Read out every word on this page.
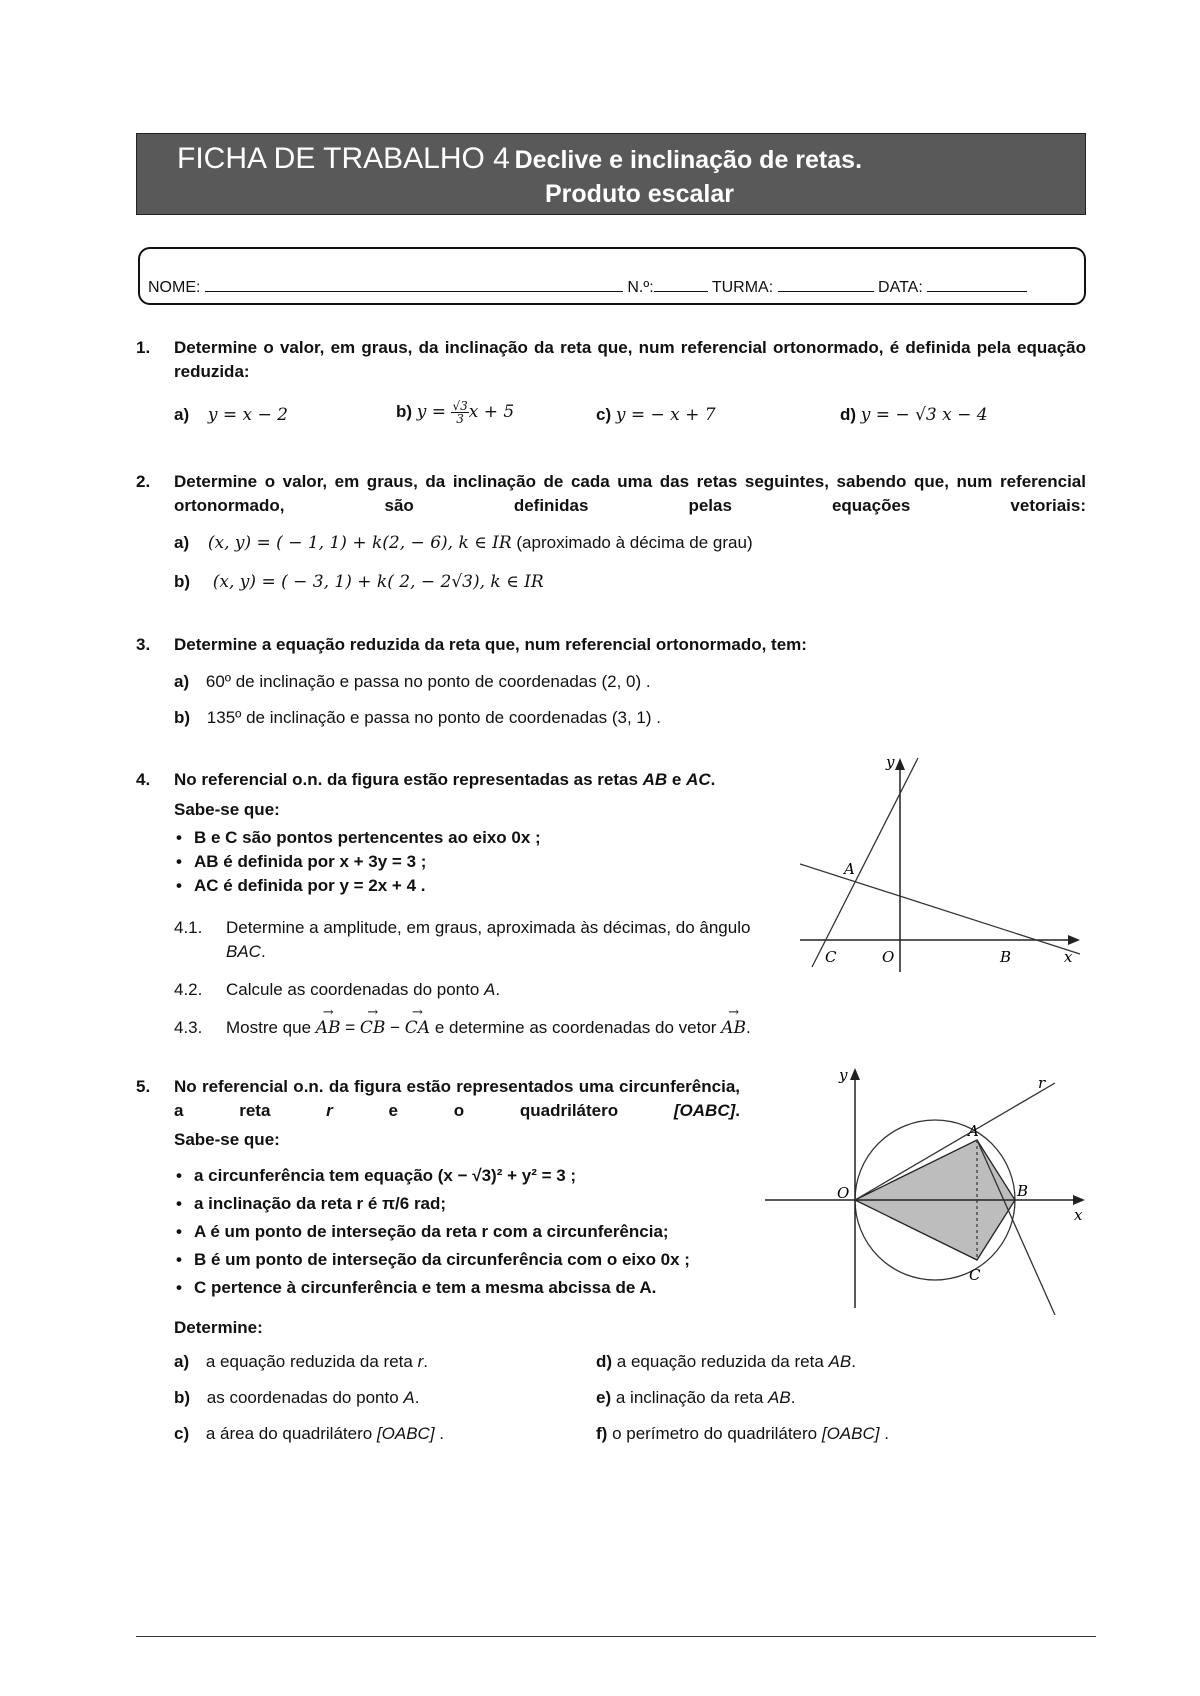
FICHA DE TRABALHO 4 Declive e inclinação de retas.
Produto escalar
NOME:	N.º:	TURMA:	DATA:
1. Determine o valor, em graus, da inclinação da reta que, num referencial ortonormado, é definida pela equação reduzida:
a) y = x − 2	b) $y = \frac{√3}{3}$ x + 5	c) y = − x + 7	d) y = − √3 x − 4
2. Determine o valor, em graus, da inclinação de cada uma das retas seguintes, sabendo que, num referencial ortonormado, são definidas pelas equações vetoriais:
a) (x, y) = ( − 1, 1) + k(2, − 6), k ∈ IR (aproximado à décima de grau)
b) (x, y) = ( − 3, 1) + k( 2, − 2√3), k ∈ IR
3. Determine a equação reduzida da reta que, num referencial ortonormado, tem:
a) 60º de inclinação e passa no ponto de coordenadas (2, 0) .
b) 135º de inclinação e passa no ponto de coordenadas (3, 1) .
4. No referencial o.n. da figura estão representadas as retas AB e AC.
Sabe-se que:
• B e C são pontos pertencentes ao eixo 0x ;
• AB é definida por x + 3y = 3 ;
• AC é definida por y = 2x + 4 .
4.1. Determine a amplitude, em graus, aproximada às décimas, do ângulo BAC.
4.2. Calcule as coordenadas do ponto A.
4.3. Mostre que → AB = → CB − → CA e determine as coordenadas do vetor → AB.
y
x
A
C	O	B
5. No referencial o.n. da figura estão representados uma circunferência, a reta r e o quadrilátero [OABC].
Sabe-se que:
• a circunferência tem equação (x − √3)² + y² = 3 ;
• a inclinação da reta r é π/6 rad;
• A é um ponto de interseção da reta r com a circunferência;
• B é um ponto de interseção da circunferência com o eixo 0x ;
• C pertence à circunferência e tem a mesma abcissa de A.
Determine:
a) a equação reduzida da reta r.
b) as coordenadas do ponto A.
c) a área do quadrilátero [OABC] .
d) a equação reduzida da reta AB.
e) a inclinação da reta AB.
f) o perímetro do quadrilátero [OABC] .
y
x
r
A
O	B
C
